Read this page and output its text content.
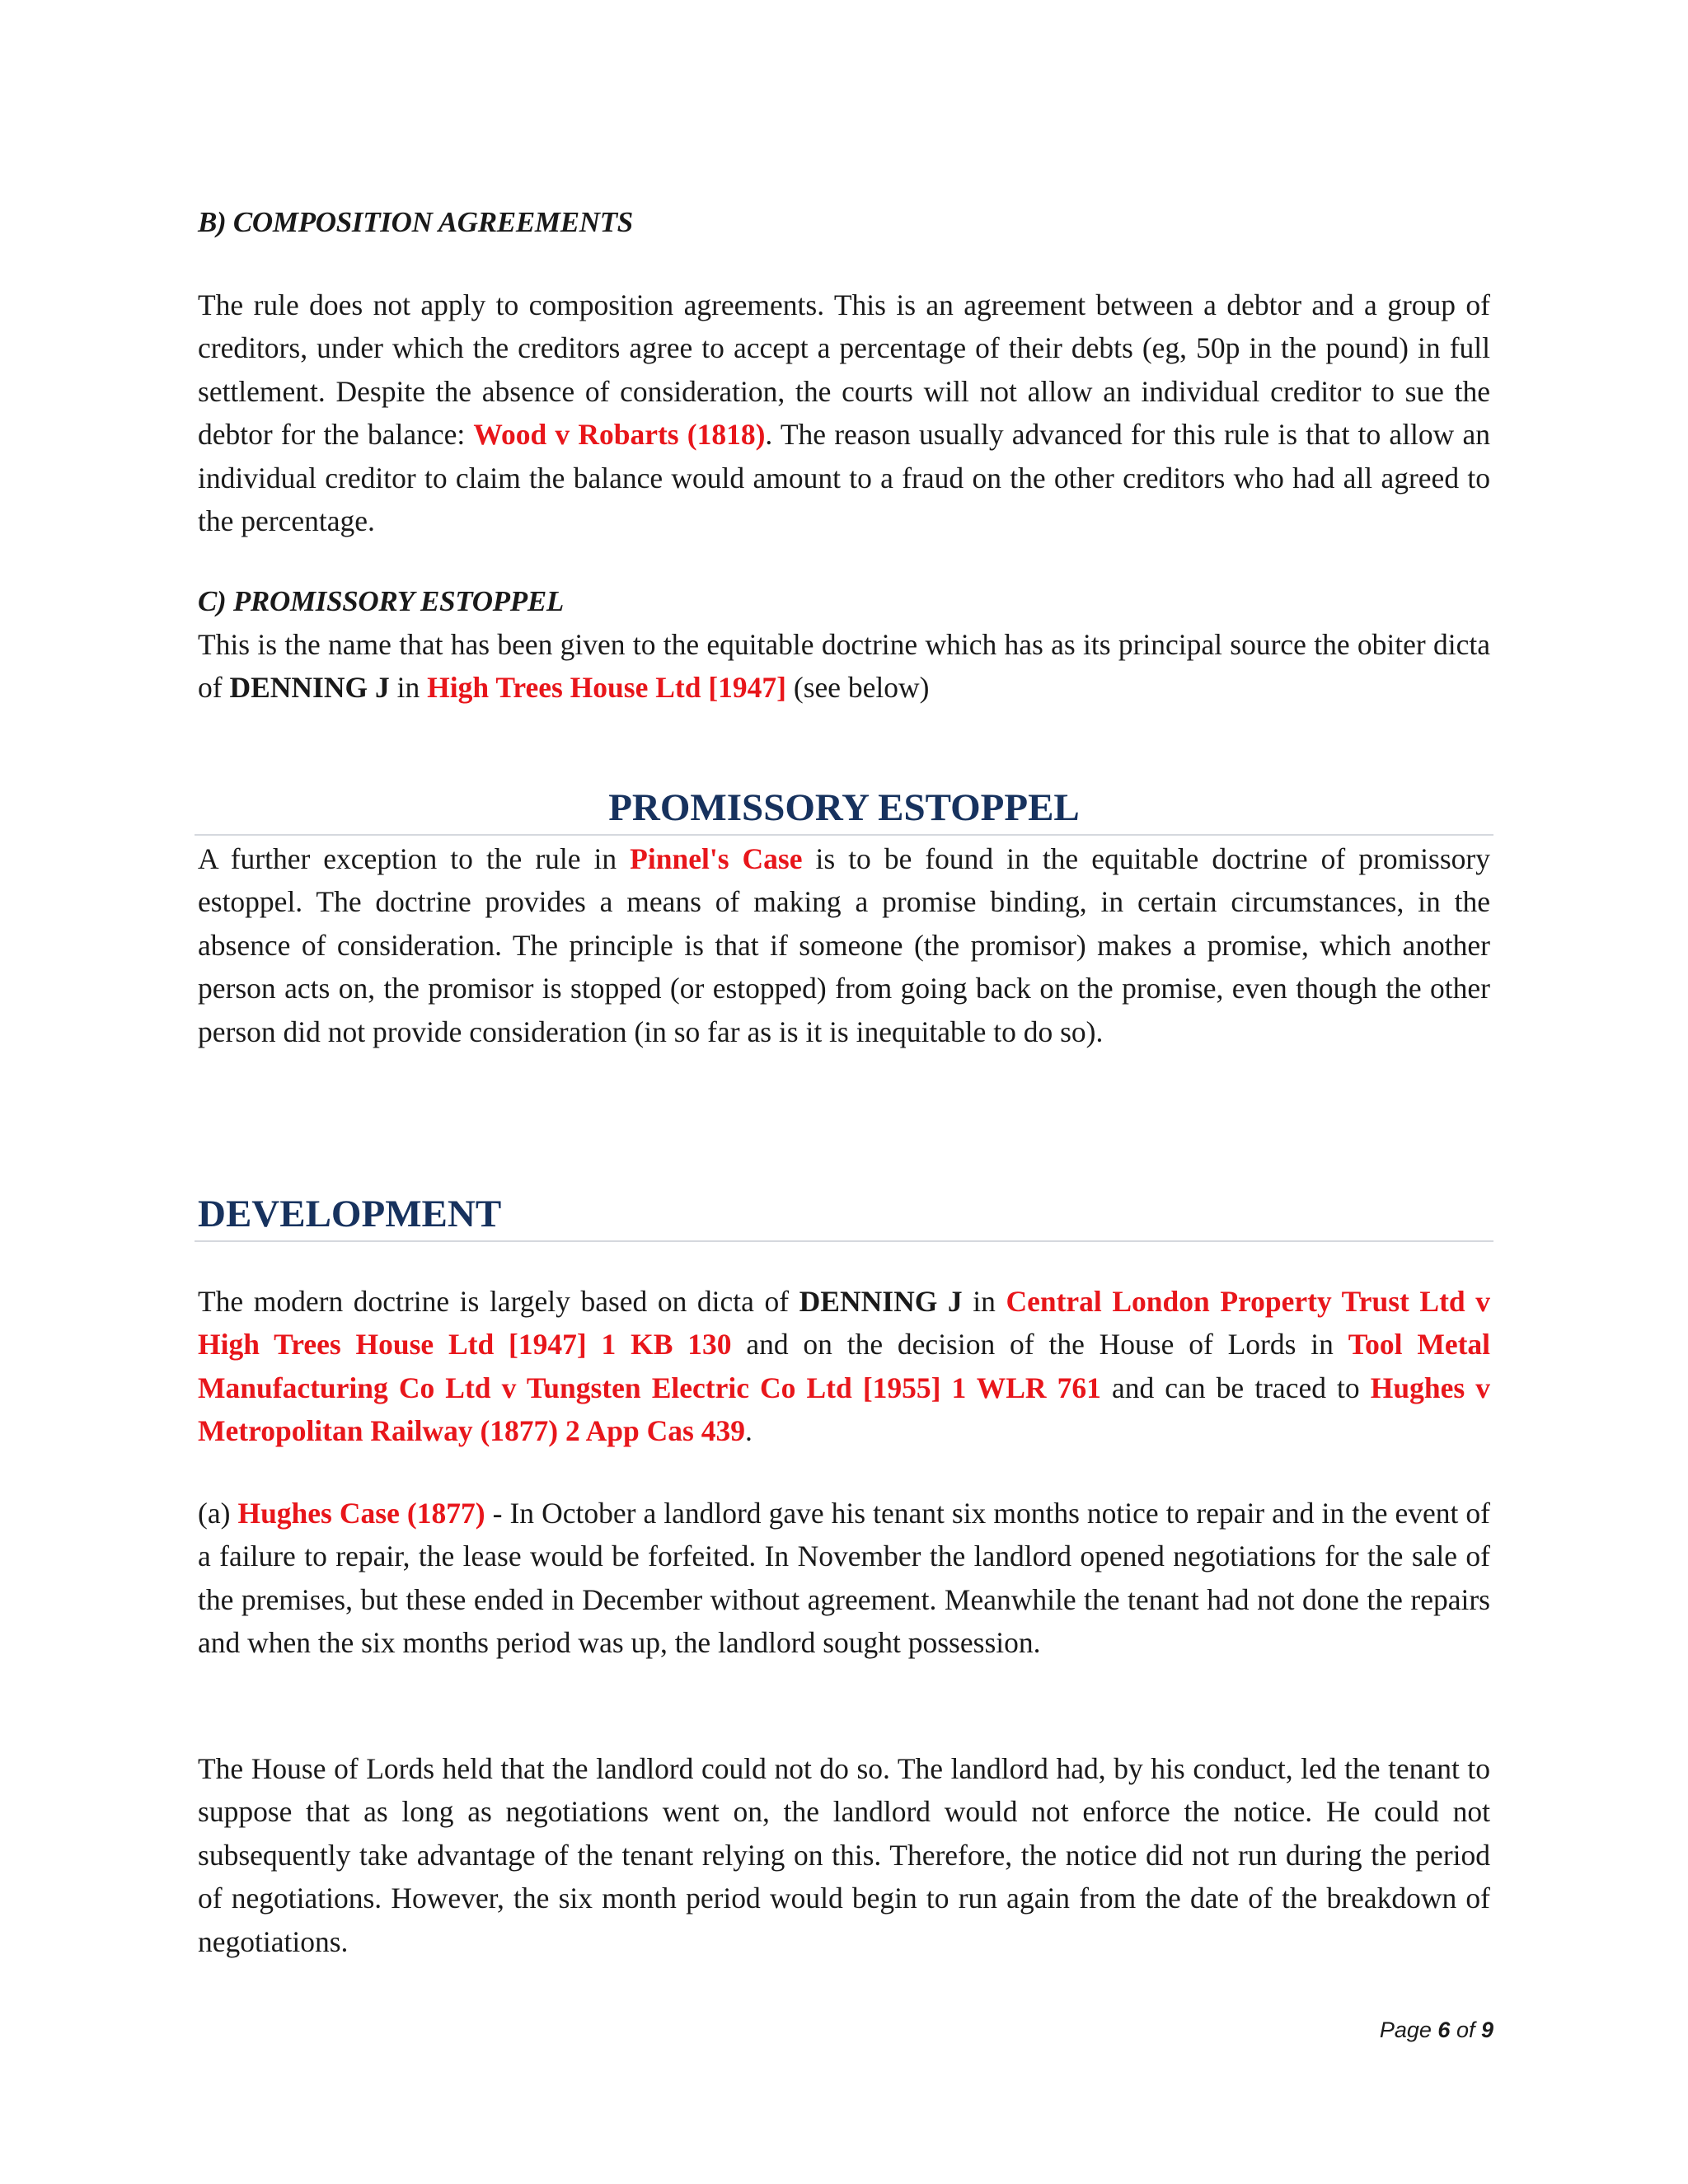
B) COMPOSITION AGREEMENTS

The rule does not apply to composition agreements. This is an agreement between a debtor and a group of creditors, under which the creditors agree to accept a percentage of their debts (eg, 50p in the pound) in full settlement. Despite the absence of consideration, the courts will not allow an individual creditor to sue the debtor for the balance: Wood v Robarts (1818). The reason usually advanced for this rule is that to allow an individual creditor to claim the balance would amount to a fraud on the other creditors who had all agreed to the percentage.

C) PROMISSORY ESTOPPEL

This is the name that has been given to the equitable doctrine which has as its principal source the obiter dicta of DENNING J in High Trees House Ltd [1947] (see below)

PROMISSORY ESTOPPEL

A further exception to the rule in Pinnel's Case is to be found in the equitable doctrine of promissory estoppel. The doctrine provides a means of making a promise binding, in certain circumstances, in the absence of consideration. The principle is that if someone (the promisor) makes a promise, which another person acts on, the promisor is stopped (or estopped) from going back on the promise, even though the other person did not provide consideration (in so far as is it is inequitable to do so).

DEVELOPMENT

The modern doctrine is largely based on dicta of DENNING J in Central London Property Trust Ltd v High Trees House Ltd [1947] 1 KB 130 and on the decision of the House of Lords in Tool Metal Manufacturing Co Ltd v Tungsten Electric Co Ltd [1955] 1 WLR 761 and can be traced to Hughes v Metropolitan Railway (1877) 2 App Cas 439.

(a) Hughes Case (1877) - In October a landlord gave his tenant six months notice to repair and in the event of a failure to repair, the lease would be forfeited. In November the landlord opened negotiations for the sale of the premises, but these ended in December without agreement. Meanwhile the tenant had not done the repairs and when the six months period was up, the landlord sought possession.

The House of Lords held that the landlord could not do so. The landlord had, by his conduct, led the tenant to suppose that as long as negotiations went on, the landlord would not enforce the notice. He could not subsequently take advantage of the tenant relying on this. Therefore, the notice did not run during the period of negotiations. However, the six month period would begin to run again from the date of the breakdown of negotiations.

Page 6 of 9
